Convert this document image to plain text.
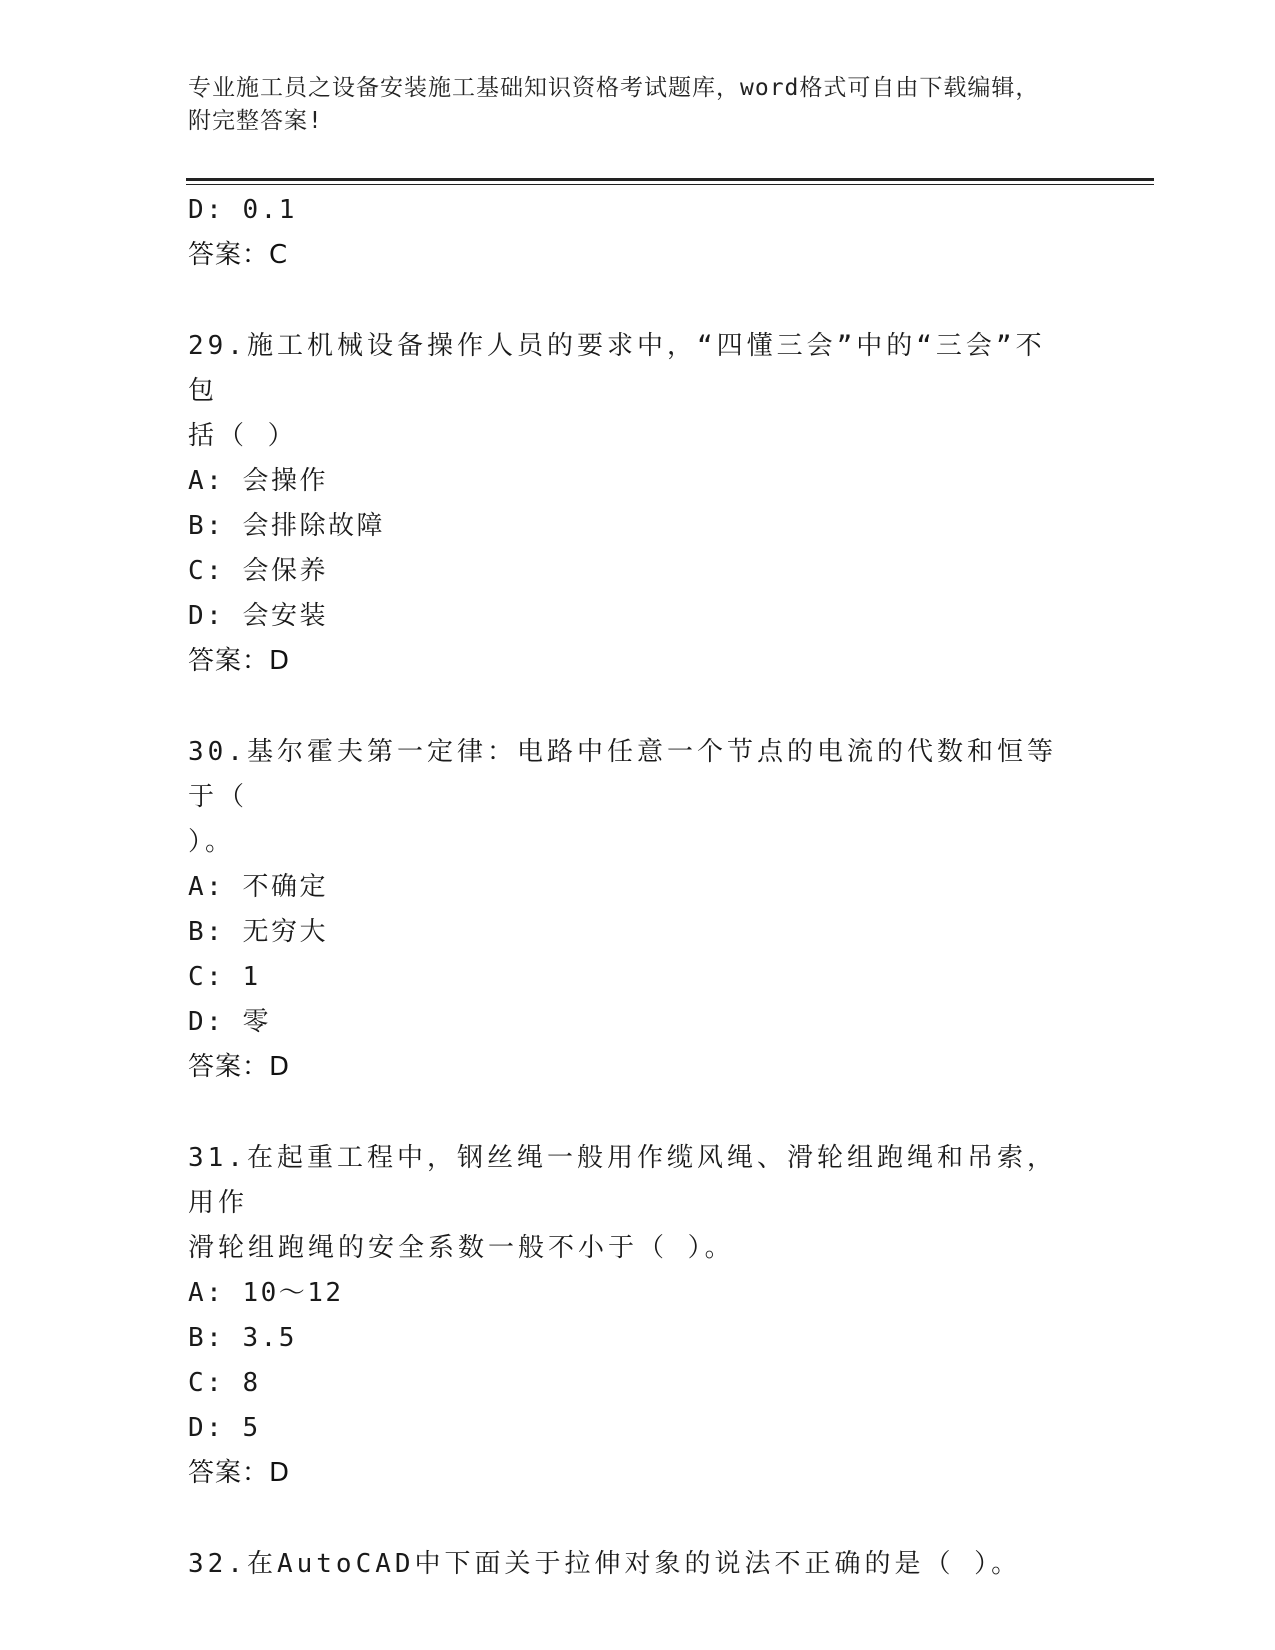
专业施工员之设备安装施工基础知识资格考试题库，word格式可自由下载编辑，
附完整答案!
D: 0.1
答案：C
29.施工机械设备操作人员的要求中，“四懂三会”中的“三会”不包
括（ ）
A: 会操作
B: 会排除故障
C: 会保养
D: 会安装
答案：D
30.基尔霍夫第一定律：电路中任意一个节点的电流的代数和恒等于（
）。
A: 不确定
B: 无穷大
C: 1
D: 零
答案：D
31.在起重工程中，钢丝绳一般用作缆风绳、滑轮组跑绳和吊索，用作
滑轮组跑绳的安全系数一般不小于（ ）。
A: 10～12
B: 3.5
C: 8
D: 5
答案：D
32.在AutoCAD中下面关于拉伸对象的说法不正确的是（ ）。
